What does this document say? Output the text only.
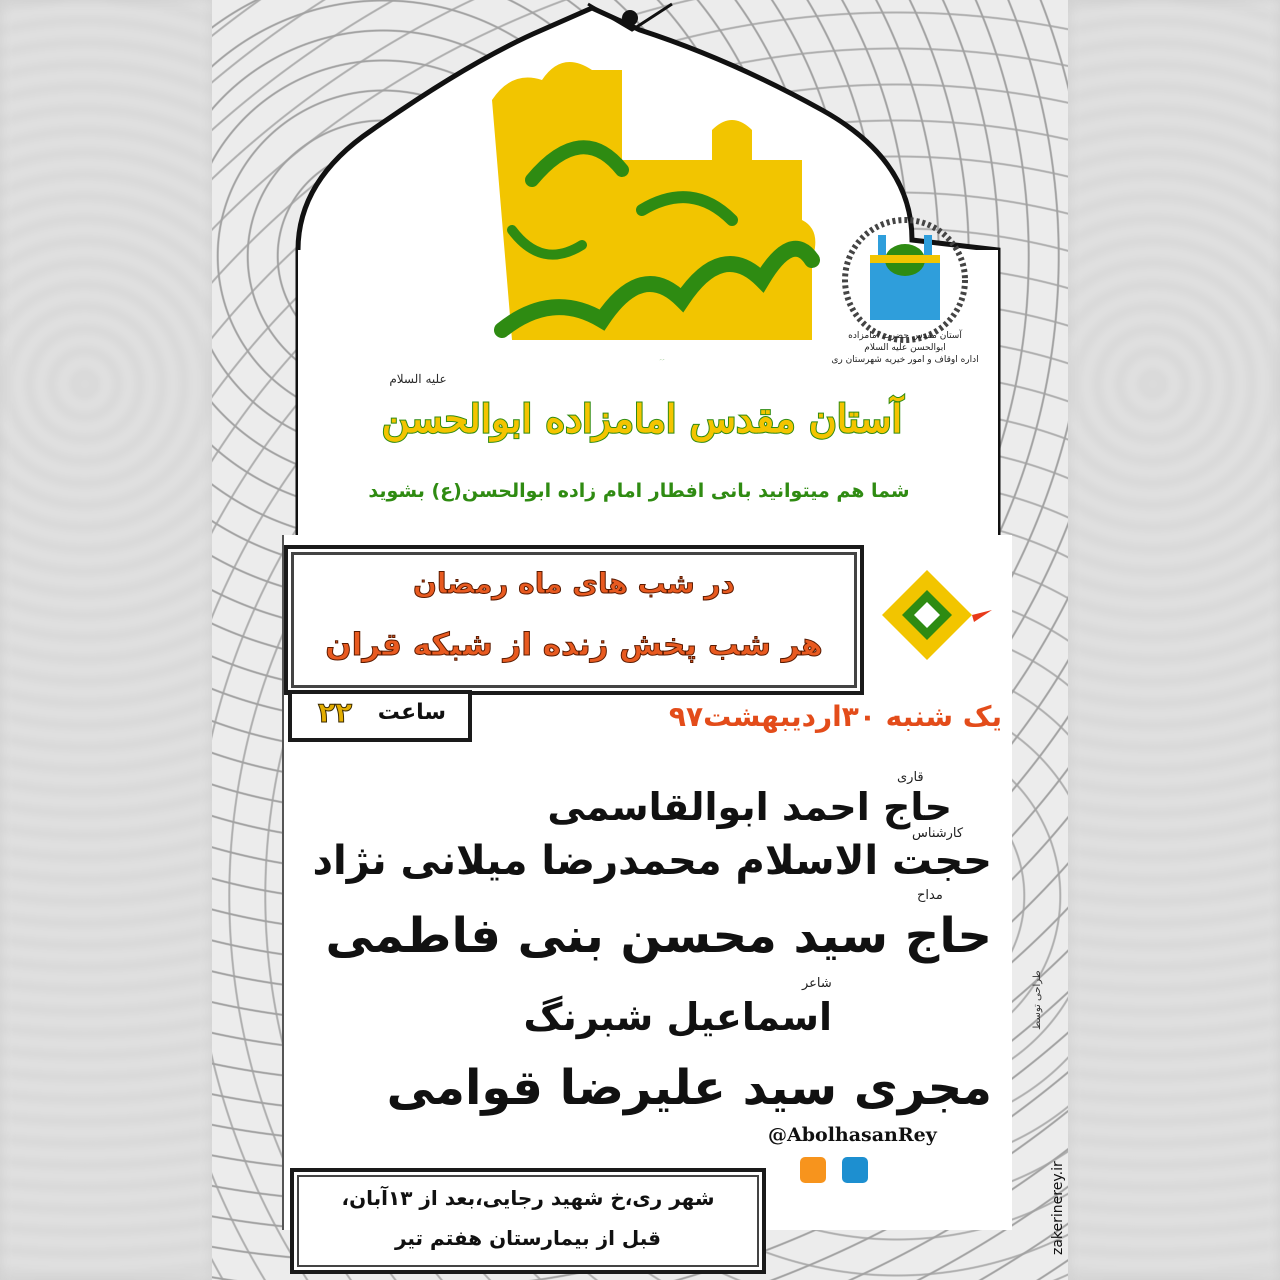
عطر رمضان
آستان مقدس حضرت امامزاده ابوالحسن علیه السلام
اداره اوقاف و امور خیریه شهرستان ری
علیه السلام
آستان مقدس امامزاده ابوالحسن
شما هم میتوانید بانی افطار امام زاده ابوالحسن(ع) بشوید
در شب های ماه رمضان
هر شب پخش زنده از شبکه قران
ساعت
۲۲	یک شنبه ۳۰اردیبهشت۹۷
قاری
حاج احمد ابوالقاسمی
کارشناس
حجت الاسلام محمدرضا میلانی نژاد
مداح
حاج سید محسن بنی فاطمی
شاعر
اسماعیل شبرنگ
مجری سید علیرضا قوامی
@AbolhasanRey
شهر ری،خ شهید رجایی،بعد از ۱۳آبان،
قبل از بیمارستان هفتم تیر
طراحی توسط
zakerinerey.ir
